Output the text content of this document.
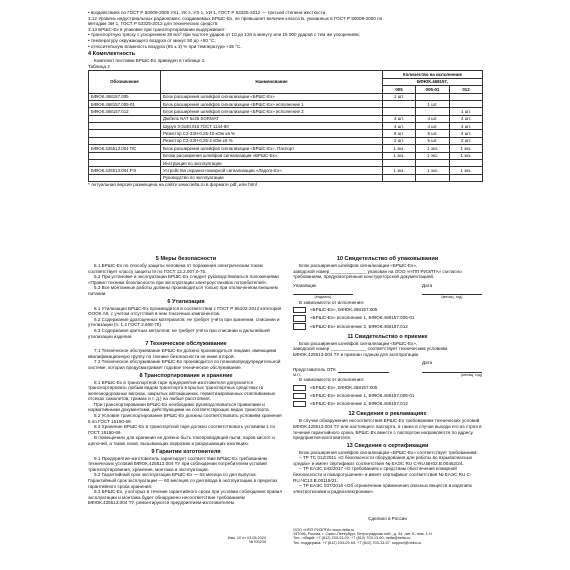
• воздействиях по ГОСТ Р 50009-2000 УК1, УК 2, УЭ 1, УИ 1, ГОСТ Р 53325-2012 — третьей степени жесткости.

3.12 Уровень индустриальных радиопомех, создаваемых БРШС-Ех, не превышает величин класса Б, указанных в ГОСТ Р 50009-2000 по

методам ЭИ 1, ГОСТ Р 53325-2012 для технических средств.

3.13 БРШС-Ех в упаковке при транспортировании выдерживает:

• транспортную тряску с ускорением 30 м/с² при частоте ударов от 10 до 120 в минуту или 15 000 ударов с тем же ускорением;

• температуру окружающего воздуха от минус 50 до +50 °С;

• относительную влажность воздуха (95 ± 3) % при температуре +35 °С.

4 Комплектность

Комплект поставки БРШС-Ех приведен в таблице 2.

Таблица 2

Обозначение	Наименование	Количество на исполнение		
		БФЮК.468157.		
		005	005-01	012
БФЮК.468157.005	Блок расширения шлейфов сигнализации «БРШС-Ех»	1 шт.		
БФЮК.468157.005-01	Блок расширения шлейфов сигнализации «БРШС-Ех» исполнение 1		1 шт.	
БФЮК.468157.012	Блок расширения шлейфов сигнализации «БРШС-Ех» исполнение 2			1 шт.
	Дюбель NAT 5x25 SORMAT	4 шт.	4 шт.	4 шт.
	Шуруп 3-3x30.016 ГОСТ 1144-80	4 шт.	4 шт.	4 шт.
	Резистор С2-23Н-0,25-10 кОм ±5 %	8 шт.	8 шт.	4 шт.
	Резистор С2-23Н-0,25-2 кОм ±5 %	2 шт.	5 шт.	2 шт.
БФЮК.425513.004 ПС	Блок расширения шлейфов сигнализации «БРШС-Ех». Паспорт	1 экз.	1 экз.	1 экз.
	Блоки расширения шлейфов сигнализации «БРШС-Ех».	1 экз.	1 экз.	1 экз.
	Инструкция по эксплуатации			
БФЮК.425513.004 РЭ	Устройства охранно-пожарной сигнализации «Ладога-Ех».	1 экз.	1 экз.	1 экз.
	Руководство по эксплуатации			

* Актуальная версия размещена на сайте www.rielta.ru в формате pdf, или html

5 Меры безопасности

5.1 БРШС-Ех по способу защиты человека от поражения электрическим током соответствует классу защиты III по ГОСТ 12.2.007.0-75.

5.2 При установке и эксплуатации БРШС-Ех следует руководствоваться положениями «Правил техники безопасности при эксплуатации электроустановок потребителей».

5.3 Все монтажные работы должны производиться только при отключенном внешнем питании.

6 Утилизация

6.1 Утилизация БРШС-Ех производится в соответствии с ГОСТ Р 55102-2012 категория ОООК А9, с учетом отсутствия в нем токсичных компонентов.

6.2 Содержание драгоценных материалов: не требует учёта при хранении, списании и утилизации (п. 1.2 ГОСТ 2.608-78).

6.3 Содержание цветных металлов: не требует учёта при списании и дальнейшей утилизации изделия.

7 Техническое обслуживание

7.1 Техническое обслуживание БРШС-Ех должно производиться лицами, имеющими квалификационную группу по технике безопасности не ниже второй.

7.2 Техническое обслуживание БРШС-Ех производится по плановопредупредительной системе, которая предусматривает годовое техническое обслуживание.

8 Транспортирование и хранение

8.1 БРШС-Ех в транспортной таре предприятия-изготовителя допускается транспортировать любым видом транспорта в крытых транспортных средствах (в железнодорожных вагонах, закрытых автомашинах, герметизированных отапливаемых отсеках самолетов, трюмах и т. д.) на любые расстояния.

При транспортировании БРШС-Ех необходимо руководствоваться правилами и нормативными документами, действующими на соответствующих видах транспорта.

8.2 Условия транспортирования БРШС-Ех должны соответствовать условиям хранения 5 по ГОСТ 15150-69.

8.3 Хранение БРШС-Ех в транспортной таре должно соответствовать условиям 1 по ГОСТ 15150-69.

В помещениях для хранения не должно быть токопроводящей пыли, паров кислот и щелочей, а также газов, вызывающих коррозию и разрушающих изоляцию.

9 Гарантии изготовителя

9.1 Предприятие-изготовитель гарантирует соответствие БРШС-Ех требованиям технических условий БФЮК.425513.004 ТУ при соблюдении потребителем условий транспортирования, хранения, монтажа и эксплуатации.

9.2 Гарантийный срок эксплуатации БРШС-Ех — 63 месяца со дня выпуска. Гарантийный срок эксплуатации — 60 месяцев со дня ввода в эксплуатацию в пределах гарантийного срока хранения.

9.3 БРШС-Ех, у которых в течение гарантийного срока при условии соблюдения правил эксплуатации и монтажа будет обнаружено несоответствие требованиям БФЮК.425513.004 ТУ, ремонтируются предприятием-изготовителем.

10 Свидетельство об упаковывании

Блок расширения шлейфов сигнализации «БРШС-Ех»,

заводской номер ______________ упакован на ООО «НПП РИЭЛТА» согласно требованиям, предусмотренным конструкторской документацией.

Упаковщик

(подпись)

Дата

(месяц, год)

В зависимости от исполнения:

«БРШС-Ех», БФЮК.468157.005
«БРШС-Ех» исполнение 1, БФЮК.468157.005-01
«БРШС-Ех» исполнение 2, БФЮК.468157.012

11 Свидетельство о приемке

Блок расширения шлейфов сигнализации «БРШС-Ех»,

заводской номер ______________ соответствует техническим условиям БФЮК.425513.004 ТУ и признан годным для эксплуатации.

Представитель ОТК

Дата

М.П.	(месяц, год)

В зависимости от исполнения:

«БРШС-Ех», БФЮК.468157.005
«БРШС-Ех» исполнение 1, БФЮК.468157.005-01
«БРШС-Ех» исполнение 2, БФЮК.468157.012

12 Сведения о рекламациях

В случае обнаружения несоответствия БРШС-Ех требованиям технических условий БФЮК.425513.004 ТУ или настоящего паспорта, а также в случае выхода его из строя в течение гарантийного срока, БРШС-Ех вместе с паспортом направляется по адресу предприятия-изготовителя.

13 Сведения о сертификации

Блок расширения шлейфов сигнализации «БРШС-Ех» соответствует требованиям:

– ТР ТС 012/2011 «О безопасности оборудования для работы во взрывоопасных средах» и имеет сертификат соответствия № ЕАЭС RU C-RU.ВН02.В.00462/24.

– ТР ЕАЭС 043/2017 «О требованиях к средствам обеспечения пожарной безопасности и пожаротушения» и имеет сертификат соответствия № ЕАЭС RU С-RU.ЧС13.В.00119/21.

– ТР ЕАЭС 037/2016 «Об ограничении применения опасных веществ в изделиях электротехники и радиоэлектроники».

Изм. 10 от 03.05.2024

№700239

Сделано в России

ООО «НПП РИЭЛТА» www.rielta.ru

197046, Россия, г. Санкт-Петербург, Петроградская наб., д. 34, лит. Б, пом. 1-Н

Тел.: общий: +7 (812) 233-03-02, +7 (812) 703-13-60, rielta@rielta.ru

Тех. поддержка: +7 (812) 233-29-53, +7 (812) 703-13-57, support@rielta.ru
